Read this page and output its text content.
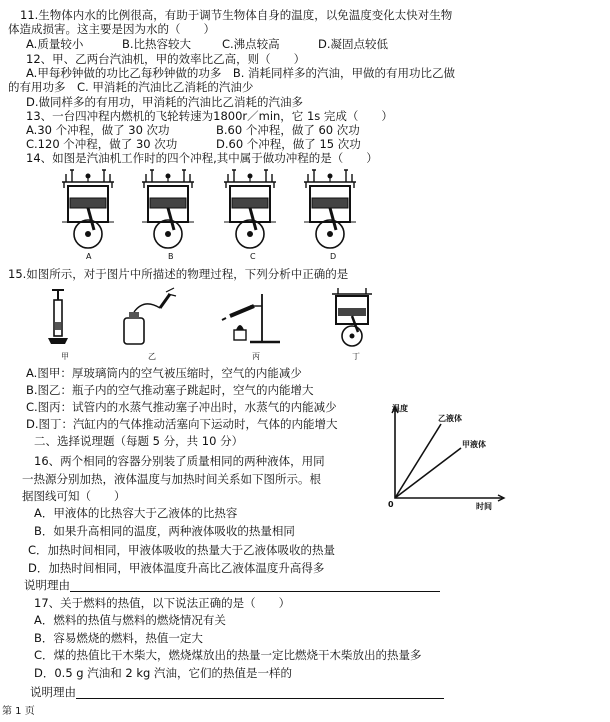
11.生物体内水的比例很高，有助于调节生物体自身的温度，以免温度变化太快对生物
体造成损害。这主要是因为水的（　　）
A.质量较小	B.比热容较大	C.沸点较高	D.凝固点较低
12、甲、乙两台汽油机，甲的效率比乙高，则（　　）
A.甲每秒钟做的功比乙每秒钟做的功多　B. 消耗同样多的汽油，甲做的有用功比乙做
的有用功多　C. 甲消耗的汽油比乙消耗的汽油少
D.做同样多的有用功，甲消耗的汽油比乙消耗的汽油多
13、一台四冲程内燃机的飞轮转速为1800r／min，它 1s 完成（　　）
A.30 个冲程，做了 30 次功	B.60 个冲程，做了 60 次功
C.120 个冲程，做了 30 次功	D.60 个冲程，做了 15 次功
14、如图是汽油机工作时的四个冲程,其中属于做功冲程的是（　　）
A	B	C	D
15.如图所示，对于图片中所描述的物理过程，下列分析中正确的是
甲	乙	丙	丁
A.图甲：厚玻璃筒内的空气被压缩时，空气的内能减少
B.图乙：瓶子内的空气推动塞子跳起时，空气的内能增大
C.图丙：试管内的水蒸气推动塞子冲出时，水蒸气的内能减少
D.图丁：汽缸内的气体推动活塞向下运动时，气体的内能增大
二、选择说理题（每题 5 分，共 10 分）
16、两个相同的容器分别装了质量相同的两种液体，用同
一热源分别加热，液体温度与加热时间关系如下图所示。根
据图线可知（　　）
A．甲液体的比热容大于乙液体的比热容
B．如果升高相同的温度，两种液体吸收的热量相同
C．加热时间相同，甲液体吸收的热量大于乙液体吸收的热量
D．加热时间相同，甲液体温度升高比乙液体温度升高得多
说明理由
温度
乙液体
甲液体
0	时间
17、关于燃料的热值，以下说法正确的是（　　）
A．燃料的热值与燃料的燃烧情况有关
B．容易燃烧的燃料，热值一定大
C．煤的热值比干木柴大，燃烧煤放出的热量一定比燃烧干木柴放出的热量多
D．0.5 g 汽油和 2 kg 汽油，它们的热值是一样的
说明理由
第 1 页
